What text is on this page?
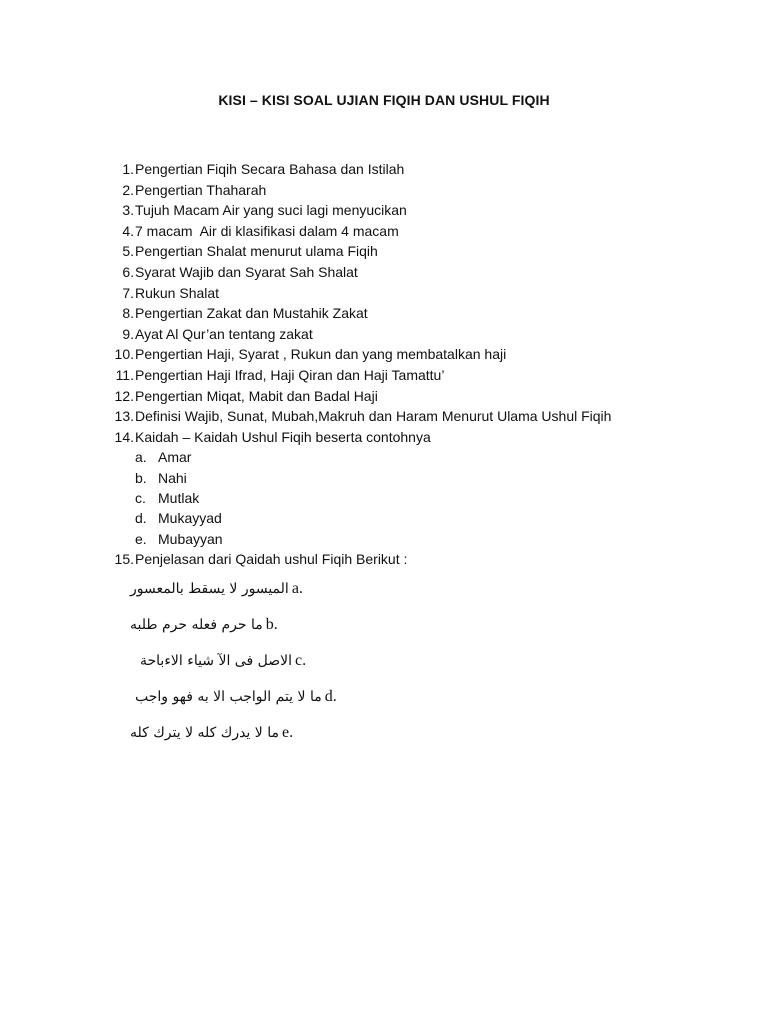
KISI – KISI SOAL UJIAN FIQIH DAN USHUL FIQIH
1. Pengertian Fiqih Secara Bahasa dan Istilah
2. Pengertian Thaharah
3. Tujuh Macam Air yang suci lagi menyucikan
4. 7 macam  Air di klasifikasi dalam 4 macam
5. Pengertian Shalat menurut ulama Fiqih
6. Syarat Wajib dan Syarat Sah Shalat
7. Rukun Shalat
8. Pengertian Zakat dan Mustahik Zakat
9. Ayat Al Qur’an tentang zakat
10. Pengertian Haji, Syarat , Rukun dan yang membatalkan haji
11. Pengertian Haji Ifrad, Haji Qiran dan Haji Tamattu’
12. Pengertian Miqat, Mabit dan Badal Haji
13. Definisi Wajib, Sunat, Mubah,Makruh dan Haram Menurut Ulama Ushul Fiqih
14. Kaidah – Kaidah Ushul Fiqih beserta contohnya
a. Amar
b. Nahi
c. Mutlak
d. Mukayyad
e. Mubayyan
15. Penjelasan dari Qaidah ushul Fiqih Berikut :
الميسور لا يسقط بالمعسور a.
ما حرم فعله حرم طلبه b.
الاصل فى الآ شياء الاءباحة c.
ما لا يتم الواجب الا به فهو واجب d.
ما لا يدرك كله لا يترك كله e.
